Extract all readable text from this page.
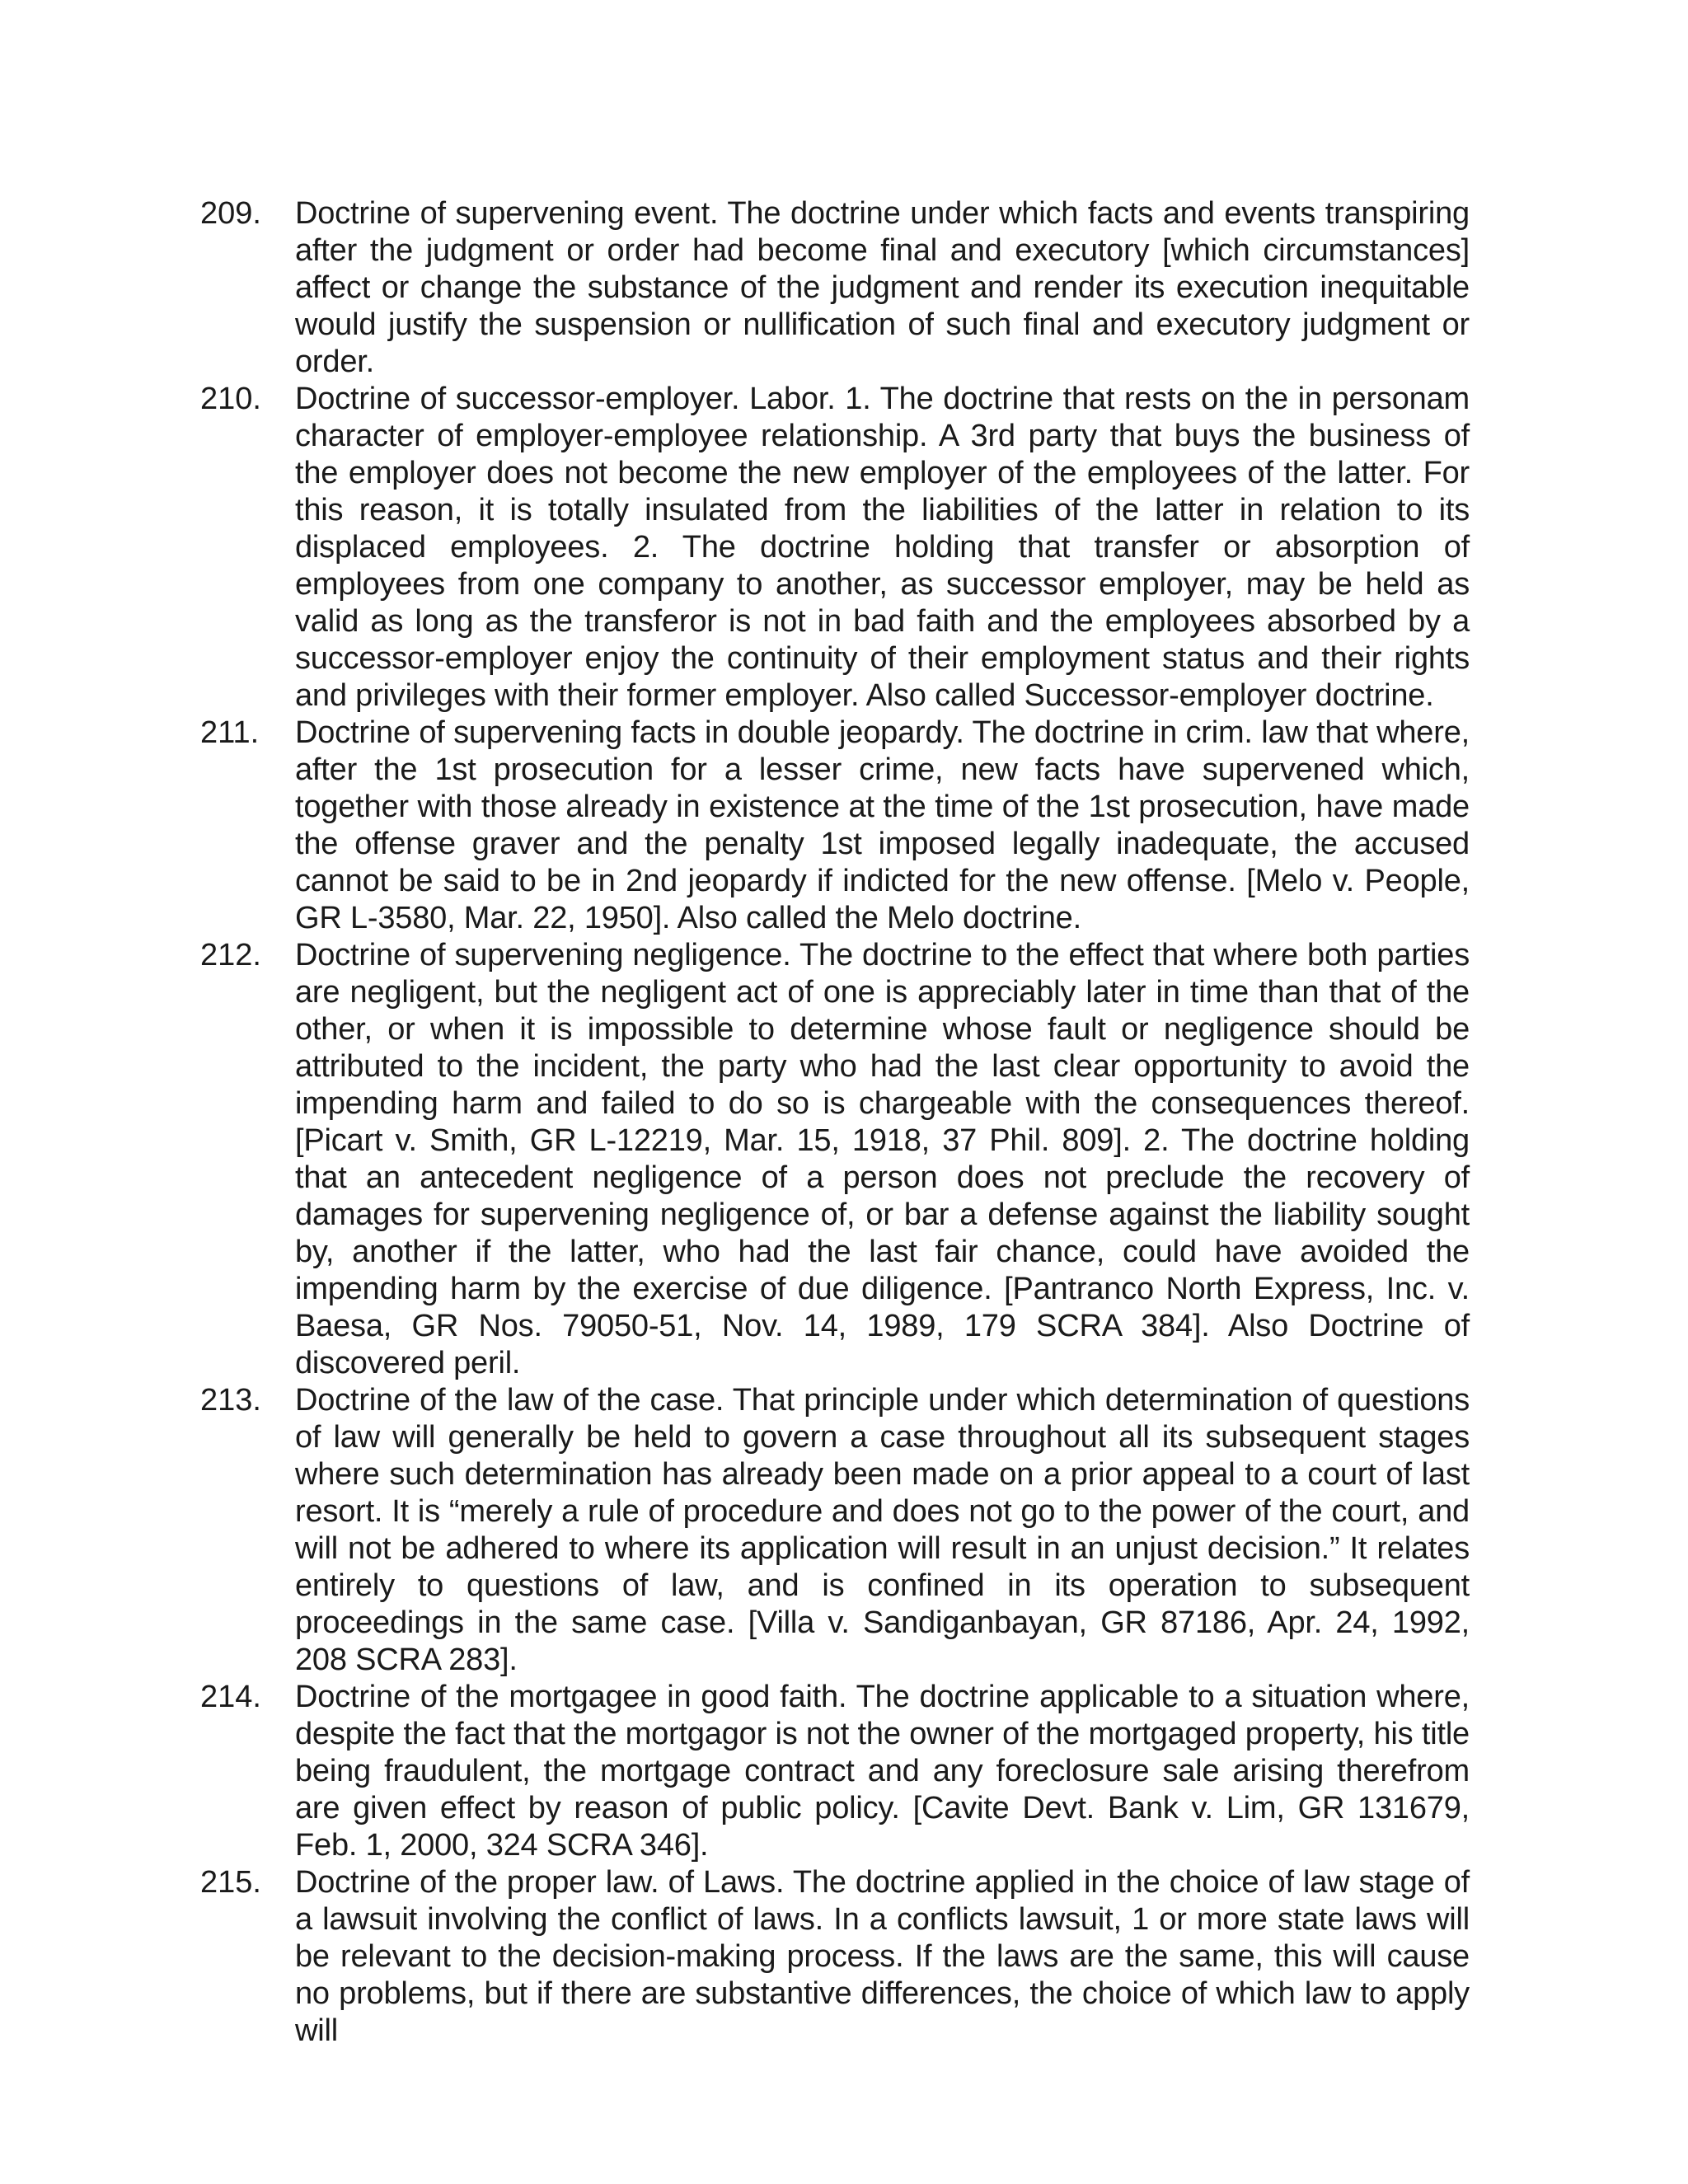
209.	Doctrine of supervening event. The doctrine under which facts and events transpiring after the judgment or order had become final and executory [which circumstances] affect or change the substance of the judgment and render its execution inequitable would justify the suspension or nullification of such final and executory judgment or order.
210.	Doctrine of successor-employer. Labor. 1. The doctrine that rests on the in personam character of employer-employee relationship. A 3rd party that buys the business of the employer does not become the new employer of the employees of the latter. For this reason, it is totally insulated from the liabilities of the latter in relation to its displaced employees. 2. The doctrine holding that transfer or absorption of employees from one company to another, as successor employer, may be held as valid as long as the transferor is not in bad faith and the employees absorbed by a successor-employer enjoy the continuity of their employment status and their rights and privileges with their former employer. Also called Successor-employer doctrine.
211.	Doctrine of supervening facts in double jeopardy. The doctrine in crim. law that where, after the 1st prosecution for a lesser crime, new facts have supervened which, together with those already in existence at the time of the 1st prosecution, have made the offense graver and the penalty 1st imposed legally inadequate, the accused cannot be said to be in 2nd jeopardy if indicted for the new offense. [Melo v. People, GR L-3580, Mar. 22, 1950]. Also called the Melo doctrine.
212.	Doctrine of supervening negligence. The doctrine to the effect that where both parties are negligent, but the negligent act of one is appreciably later in time than that of the other, or when it is impossible to determine whose fault or negligence should be attributed to the incident, the party who had the last clear opportunity to avoid the impending harm and failed to do so is chargeable with the consequences thereof. [Picart v. Smith, GR L-12219, Mar. 15, 1918, 37 Phil. 809]. 2. The doctrine holding that an antecedent negligence of a person does not preclude the recovery of damages for supervening negligence of, or bar a defense against the liability sought by, another if the latter, who had the last fair chance, could have avoided the impending harm by the exercise of due diligence. [Pantranco North Express, Inc. v. Baesa, GR Nos. 79050-51, Nov. 14, 1989, 179 SCRA 384]. Also Doctrine of discovered peril.
213.	Doctrine of the law of the case. That principle under which determination of questions of law will generally be held to govern a case throughout all its subsequent stages where such determination has already been made on a prior appeal to a court of last resort. It is “merely a rule of procedure and does not go to the power of the court, and will not be adhered to where its application will result in an unjust decision.” It relates entirely to questions of law, and is confined in its operation to subsequent proceedings in the same case. [Villa v. Sandiganbayan, GR 87186, Apr. 24, 1992, 208 SCRA 283].
214.	Doctrine of the mortgagee in good faith. The doctrine applicable to a situation where, despite the fact that the mortgagor is not the owner of the mortgaged property, his title being fraudulent, the mortgage contract and any foreclosure sale arising therefrom are given effect by reason of public policy. [Cavite Devt. Bank v. Lim, GR 131679, Feb. 1, 2000, 324 SCRA 346].
215.	Doctrine of the proper law. of Laws. The doctrine applied in the choice of law stage of a lawsuit involving the conflict of laws. In a conflicts lawsuit, 1 or more state laws will be relevant to the decision-making process. If the laws are the same, this will cause no problems, but if there are substantive differences, the choice of which law to apply will
